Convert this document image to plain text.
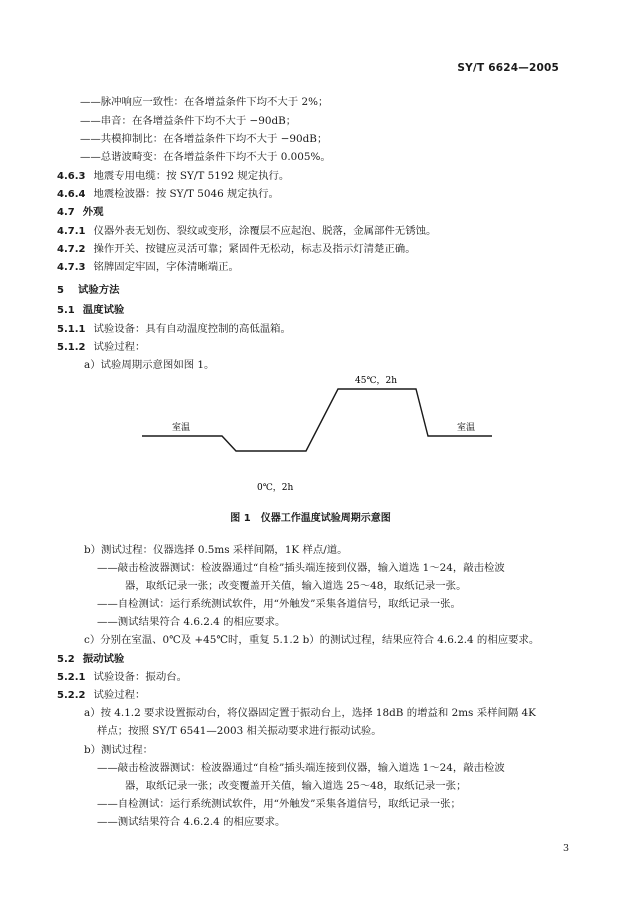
SY/T 6624—2005
——脉冲响应一致性：在各增益条件下均不大于 2%；
——串音：在各增益条件下均不大于 −90dB；
——共模抑制比：在各增益条件下均不大于 −90dB；
——总谐波畸变：在各增益条件下均不大于 0.005%。
4.6.3 地震专用电缆：按 SY/T 5192 规定执行。
4.6.4 地震检波器：按 SY/T 5046 规定执行。
4.7 外观
4.7.1 仪器外表无划伤、裂纹或变形，涂覆层不应起泡、脱落，金属部件无锈蚀。
4.7.2 操作开关、按键应灵活可靠；紧固件无松动，标志及指示灯清楚正确。
4.7.3 铭牌固定牢固，字体清晰端正。
5 试验方法
5.1 温度试验
5.1.1 试验设备：具有自动温度控制的高低温箱。
5.1.2 试验过程：
a）试验周期示意图如图 1。
室温	室温
45℃，2h
0℃，2h
图 1　仪器工作温度试验周期示意图
b）测试过程：仪器选择 0.5ms 采样间隔，1K 样点/道。
——敲击检波器测试：检波器通过“自检”插头端连接到仪器，输入道选 1～24，敲击检波
器，取纸记录一张；改变覆盖开关值，输入道选 25～48，取纸记录一张。
——自检测试：运行系统测试软件，用“外触发”采集各道信号，取纸记录一张。
——测试结果符合 4.6.2.4 的相应要求。
c）分别在室温、0℃及 +45℃时，重复 5.1.2 b）的测试过程，结果应符合 4.6.2.4 的相应要求。
5.2 振动试验
5.2.1 试验设备：振动台。
5.2.2 试验过程：
a）按 4.1.2 要求设置振动台，将仪器固定置于振动台上，选择 18dB 的增益和 2ms 采样间隔 4K
样点；按照 SY/T 6541—2003 相关振动要求进行振动试验。
b）测试过程：
——敲击检波器测试：检波器通过“自检”插头端连接到仪器，输入道选 1～24，敲击检波
器，取纸记录一张；改变覆盖开关值，输入道选 25～48，取纸记录一张；
——自检测试：运行系统测试软件，用“外触发”采集各道信号，取纸记录一张；
——测试结果符合 4.6.2.4 的相应要求。
3
